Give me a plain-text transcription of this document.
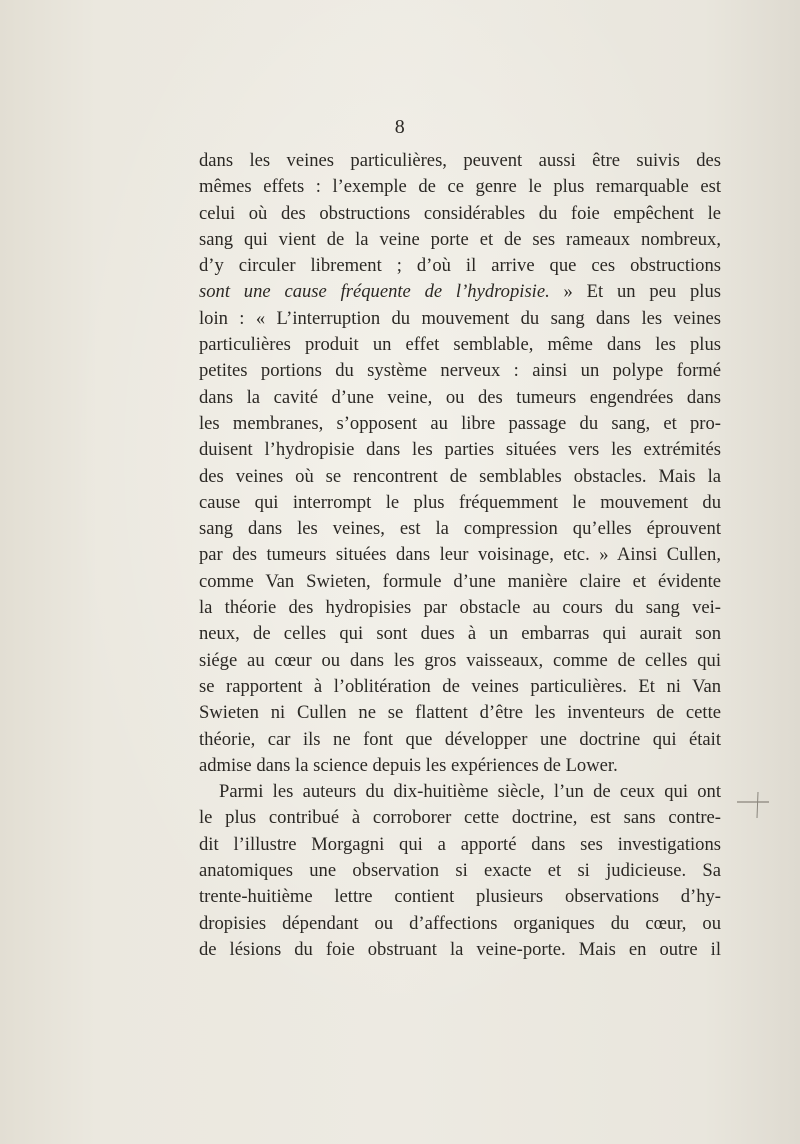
8
dans les veines particulières, peuvent aussi être suivis des
mêmes effets : l’exemple de ce genre le plus remarquable est
celui où des obstructions considérables du foie empêchent le
sang qui vient de la veine porte et de ses rameaux nombreux,
d’y circuler librement ; d’où il arrive que ces obstructions
sont une cause fréquente de l’hydropisie. » Et un peu plus
loin : « L’interruption du mouvement du sang dans les veines
particulières produit un effet semblable, même dans les plus
petites portions du système nerveux : ainsi un polype formé
dans la cavité d’une veine, ou des tumeurs engendrées dans
les membranes, s’opposent au libre passage du sang, et pro-
duisent l’hydropisie dans les parties situées vers les extrémités
des veines où se rencontrent de semblables obstacles. Mais la
cause qui interrompt le plus fréquemment le mouvement du
sang dans les veines, est la compression qu’elles éprouvent
par des tumeurs situées dans leur voisinage, etc. » Ainsi Cullen,
comme Van Swieten, formule d’une manière claire et évidente
la théorie des hydropisies par obstacle au cours du sang vei-
neux, de celles qui sont dues à un embarras qui aurait son
siége au cœur ou dans les gros vaisseaux, comme de celles qui
se rapportent à l’oblitération de veines particulières. Et ni Van
Swieten ni Cullen ne se flattent d’être les inventeurs de cette
théorie, car ils ne font que développer une doctrine qui était
admise dans la science depuis les expériences de Lower.
Parmi les auteurs du dix-huitième siècle, l’un de ceux qui ont
le plus contribué à corroborer cette doctrine, est sans contre-
dit l’illustre Morgagni qui a apporté dans ses investigations
anatomiques une observation si exacte et si judicieuse. Sa
trente-huitième lettre contient plusieurs observations d’hy-
dropisies dépendant ou d’affections organiques du cœur, ou
de lésions du foie obstruant la veine-porte. Mais en outre il
